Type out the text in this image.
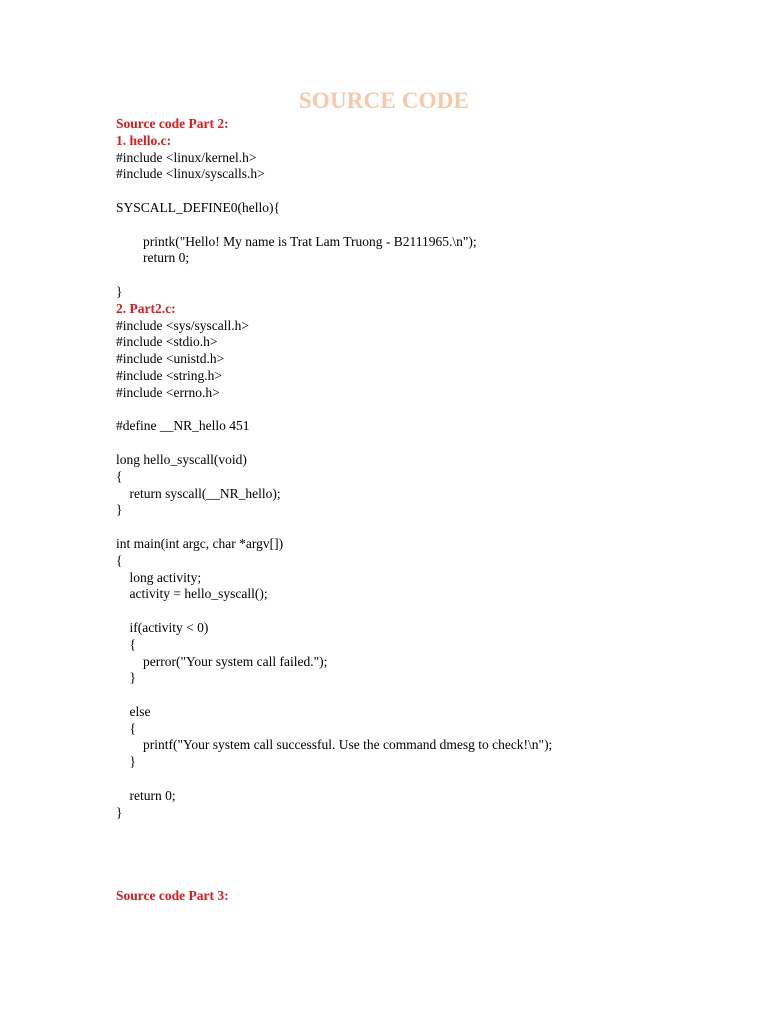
SOURCE CODE
Source code Part 2:
1. hello.c:
#include <linux/kernel.h>
#include <linux/syscalls.h>
SYSCALL_DEFINE0(hello){
printk("Hello! My name is Trat Lam Truong - B2111965.\n");
return 0;
}
2. Part2.c:
#include <sys/syscall.h>
#include <stdio.h>
#include <unistd.h>
#include <string.h>
#include <errno.h>
#define __NR_hello 451
long hello_syscall(void)
{
return syscall(__NR_hello);
}
int main(int argc, char *argv[])
{
long activity;
activity = hello_syscall();
if(activity < 0)
{
perror("Your system call failed.");
}
else
{
printf("Your system call successful. Use the command dmesg to check!\n");
}
return 0;
}
Source code Part 3:
